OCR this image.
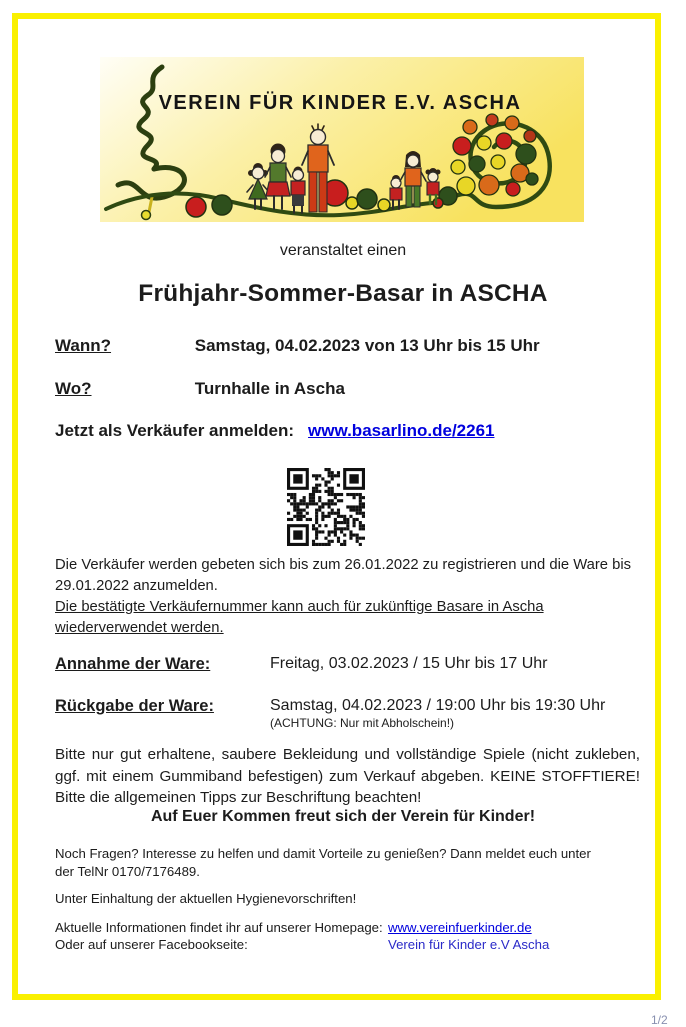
VEREIN FÜR KINDER E.V. ASCHA
veranstaltet einen
Frühjahr-Sommer-Basar in ASCHA
Wann?	Samstag, 04.02.2023 von 13 Uhr bis 15 Uhr
Wo?	Turnhalle in Ascha
Jetzt als Verkäufer anmelden: www.basarlino.de/2261
Die Verkäufer werden gebeten sich bis zum 26.01.2022 zu registrieren und die Ware bis 29.01.2022 anzumelden.
Die bestätigte Verkäufernummer kann auch für zukünftige Basare in Ascha wiederverwendet werden.
Annahme der Ware:	Freitag, 03.02.2023 / 15 Uhr bis 17 Uhr
Rückgabe der Ware:	Samstag, 04.02.2023 / 19:00 Uhr bis 19:30 Uhr
(ACHTUNG: Nur mit Abholschein!)
Bitte nur gut erhaltene, saubere Bekleidung und vollständige Spiele (nicht zukleben, ggf. mit einem Gummiband befestigen) zum Verkauf abgeben. KEINE STOFFTIERE! Bitte die allgemeinen Tipps zur Beschriftung beachten!
Auf Euer Kommen freut sich der Verein für Kinder!
Noch Fragen? Interesse zu helfen und damit Vorteile zu genießen? Dann meldet euch unter der TelNr 0170/7176489.
Unter Einhaltung der aktuellen Hygienevorschriften!
Aktuelle Informationen findet ihr auf unserer Homepage: www.vereinfuerkinder.de
Oder auf unserer Facebookseite:	Verein für Kinder e.V Ascha
1/2
